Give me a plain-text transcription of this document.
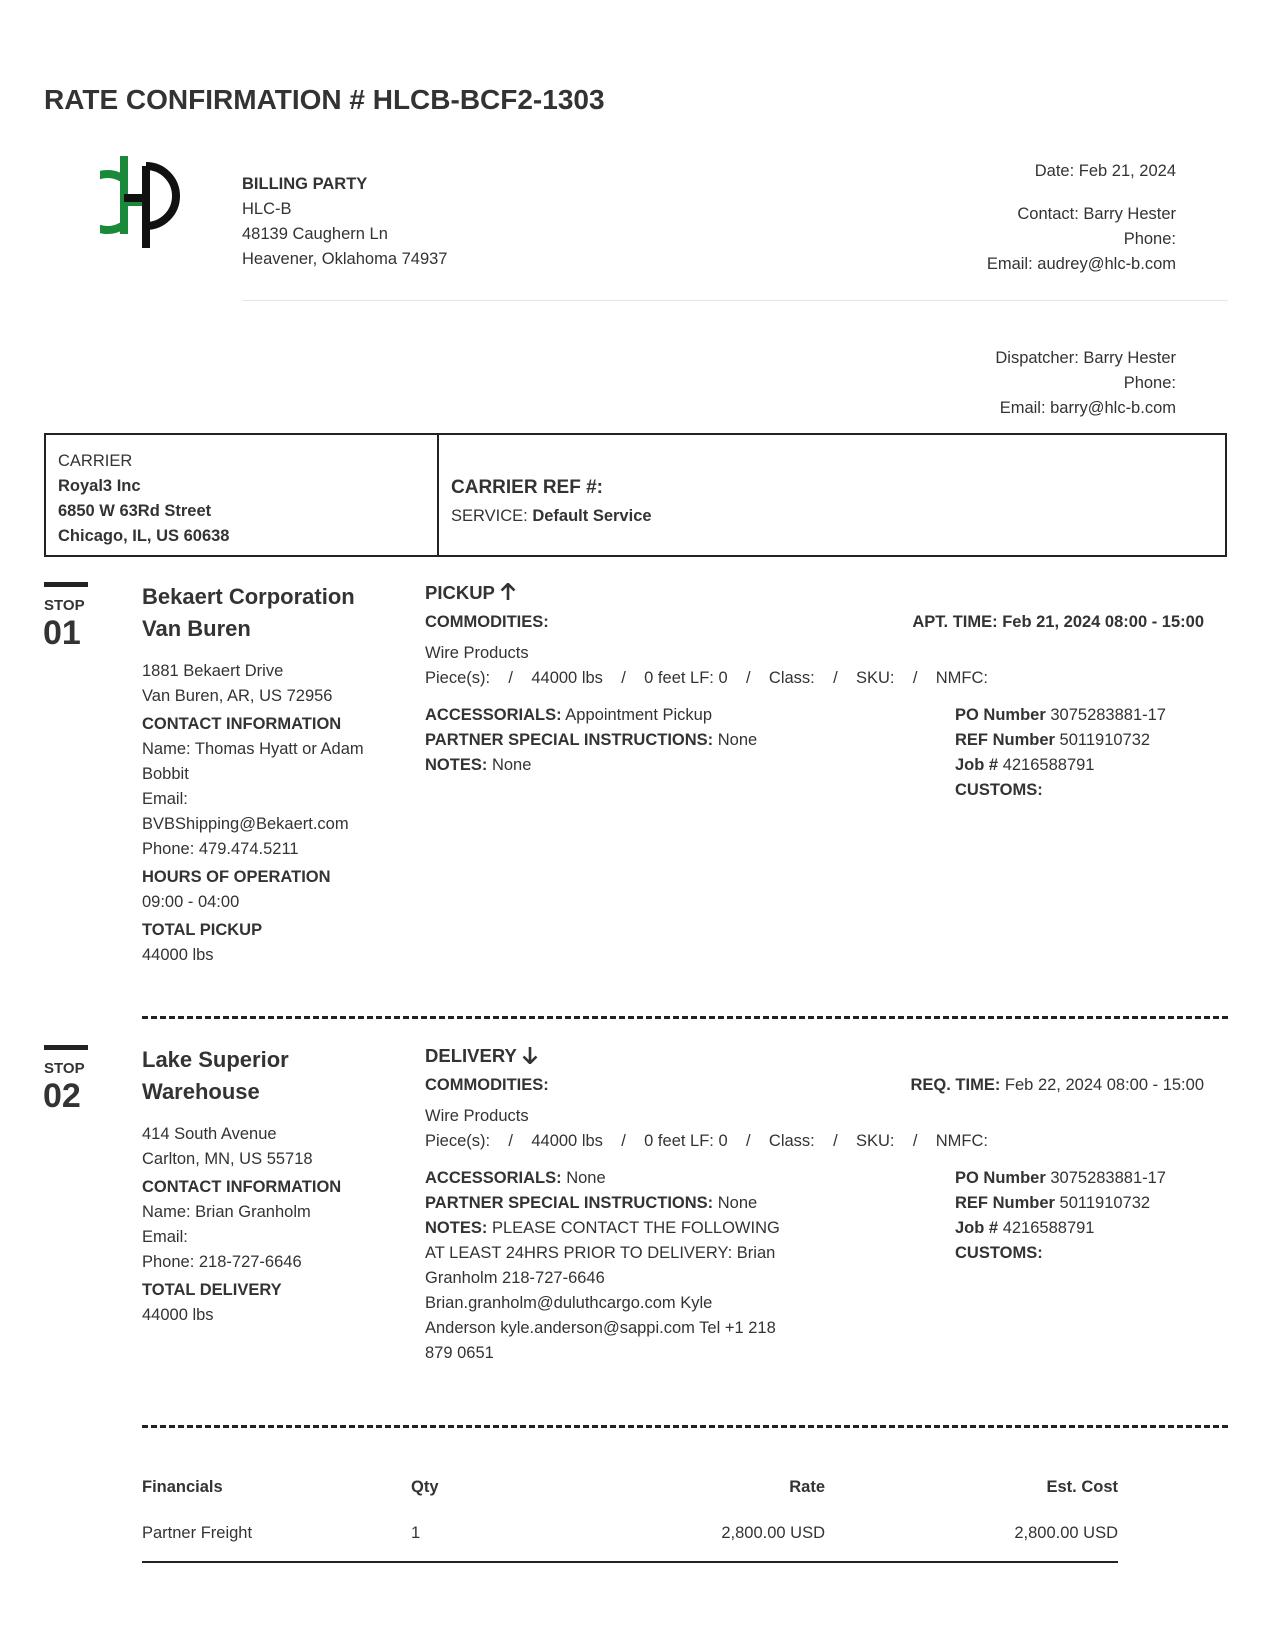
RATE CONFIRMATION # HLCB-BCF2-1303
BILLING PARTY
HLC-B
48139 Caughern Ln
Heavener, Oklahoma 74937
Date: Feb 21, 2024
Contact: Barry Hester
Phone:
Email: audrey@hlc-b.com
Dispatcher: Barry Hester
Phone:
Email: barry@hlc-b.com
CARRIER
Royal3 Inc
6850 W 63Rd Street
Chicago, IL, US 60638
CARRIER REF #:
SERVICE: Default Service
STOP
01
Bekaert Corporation
Van Buren
1881 Bekaert Drive
Van Buren, AR, US 72956
CONTACT INFORMATION
Name: Thomas Hyatt or Adam
Bobbit
Email:
BVBShipping@Bekaert.com
Phone: 479.474.5211
HOURS OF OPERATION
09:00 - 04:00
TOTAL PICKUP
44000 lbs
PICKUP
COMMODITIES:	APT. TIME: Feb 21, 2024 08:00 - 15:00
Wire Products
Piece(s):    /    44000 lbs    /    0 feet LF: 0    /    Class:    /    SKU:    /    NMFC:
ACCESSORIALS: Appointment Pickup
PARTNER SPECIAL INSTRUCTIONS: None
NOTES: None
PO Number 3075283881-17
REF Number 5011910732
Job # 4216588791
CUSTOMS:
STOP
02
Lake Superior
Warehouse
414 South Avenue
Carlton, MN, US 55718
CONTACT INFORMATION
Name: Brian Granholm
Email:
Phone: 218-727-6646
TOTAL DELIVERY
44000 lbs
DELIVERY
COMMODITIES:	REQ. TIME: Feb 22, 2024 08:00 - 15:00
Wire Products
Piece(s):    /    44000 lbs    /    0 feet LF: 0    /    Class:    /    SKU:    /    NMFC:
ACCESSORIALS: None
PARTNER SPECIAL INSTRUCTIONS: None
NOTES: PLEASE CONTACT THE FOLLOWING
AT LEAST 24HRS PRIOR TO DELIVERY: Brian
Granholm 218-727-6646
Brian.granholm@duluthcargo.com Kyle
Anderson kyle.anderson@sappi.com Tel +1 218
879 0651
PO Number 3075283881-17
REF Number 5011910732
Job # 4216588791
CUSTOMS:
Financials	Qty	Rate	Est. Cost
Partner Freight	1	2,800.00 USD	2,800.00 USD
